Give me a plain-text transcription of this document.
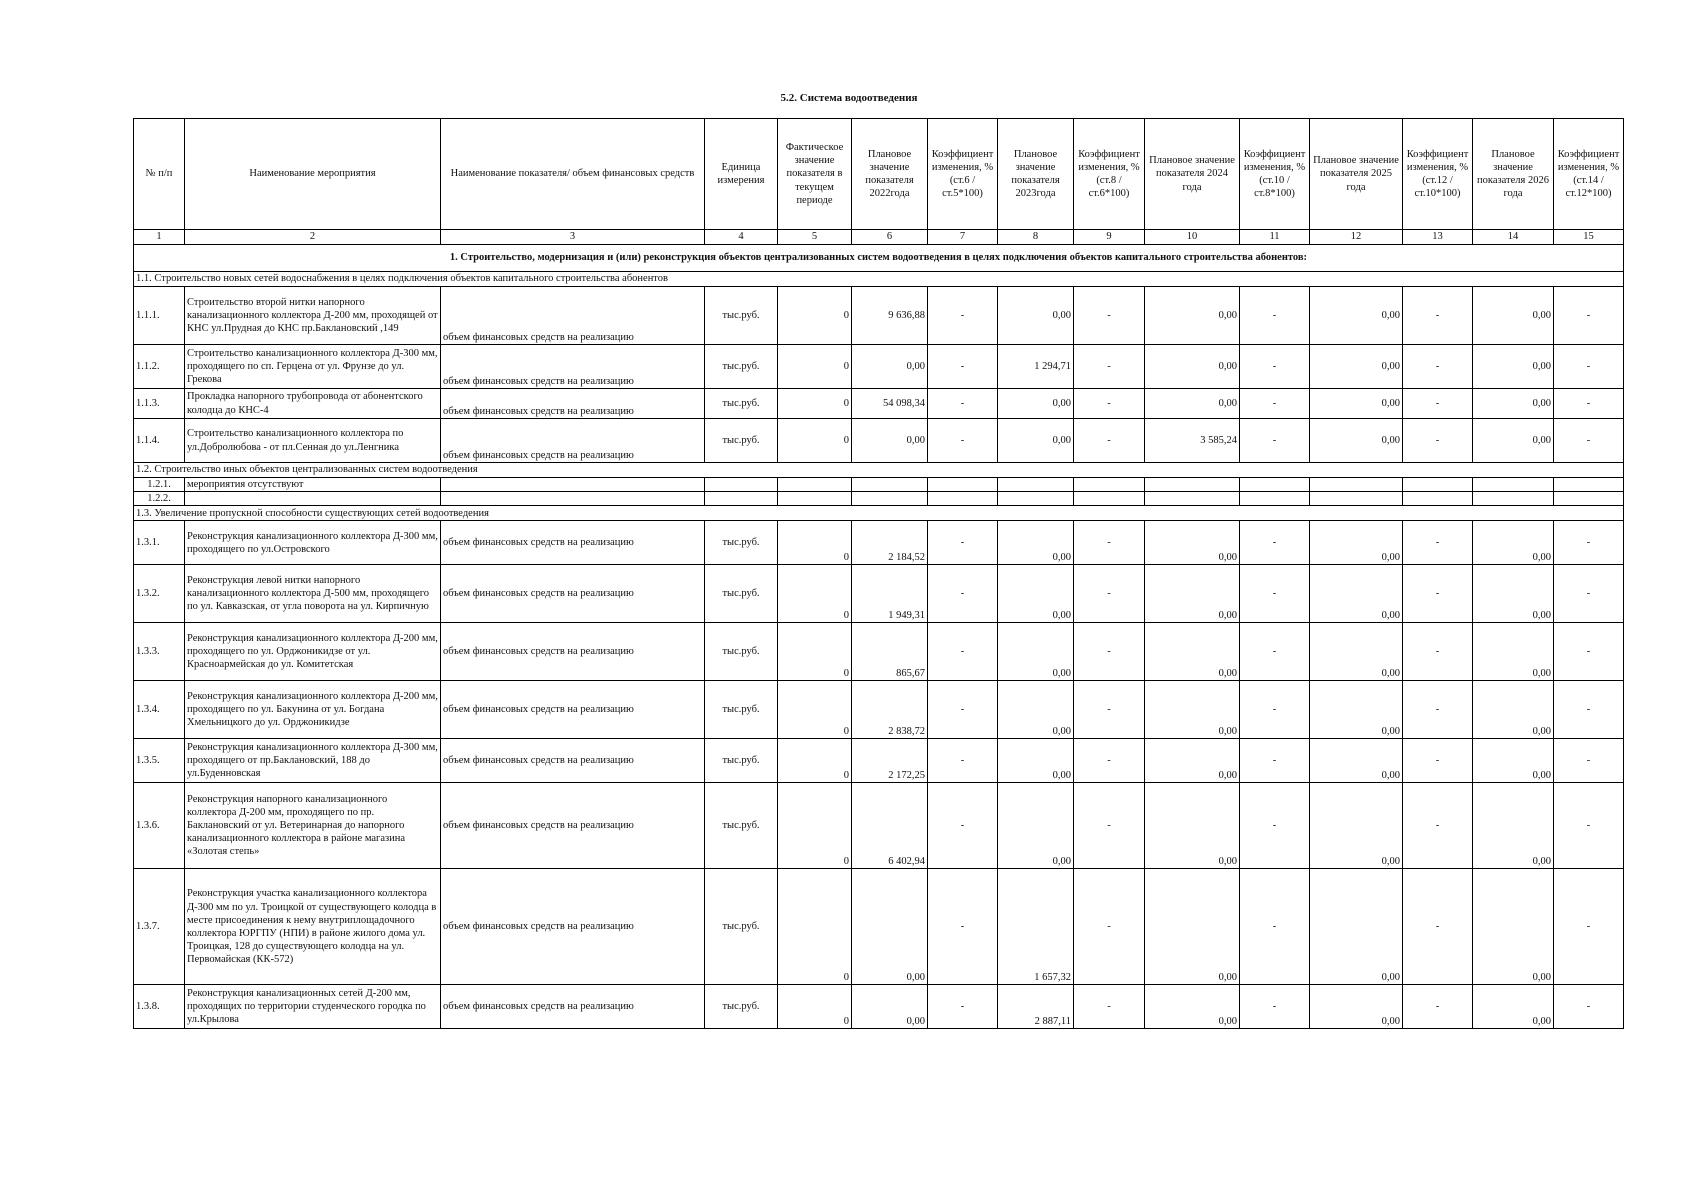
5.2. Система водоотведения
№ п/п	Наименование мероприятия	Наименование показателя/ объем финансовых средств	Единица измерения	Фактическое значение показателя в текущем периоде	Плановое значение показателя 2022года	Коэффициент изменения, % (ст.6 /ст.5*100)	Плановое значение показателя 2023года	Коэффициент изменения, % (ст.8 /ст.6*100)	Плановое значение показателя 2024 года	Коэффициент изменения, % (ст.10 /ст.8*100)	Плановое значение показателя 2025 года	Коэффициент изменения, % (ст.12 /ст.10*100)	Плановое значение показателя 2026 года	Коэффициент изменения, % (ст.14 /ст.12*100)
1	2	3	4	5	6	7	8	9	10	11	12	13	14	15
1. Строительство, модернизация и (или) реконструкция объектов централизованных систем водоотведения в целях подключения объектов капитального строительства абонентов:														
1.1. Строительство новых сетей водоснабжения в целях подключения объектов капитального строительства абонентов														
1.1.1.	Строительство второй нитки напорного канализационного коллектора Д-200 мм, проходящей от КНС ул.Прудная до КНС пр.Баклановский ,149	объем финансовых средств на реализацию	тыс.руб.	0	9 636,88	-	0,00	-	0,00	-	0,00	-	0,00	-
1.1.2.	Строительство канализационного коллектора Д-300 мм, проходящего по сп. Герцена от ул. Фрунзе до ул. Грекова	объем финансовых средств на реализацию	тыс.руб.	0	0,00	-	1 294,71	-	0,00	-	0,00	-	0,00	-
1.1.3.	Прокладка напорного трубопровода от абонентского колодца до КНС-4	объем финансовых средств на реализацию	тыс.руб.	0	54 098,34	-	0,00	-	0,00	-	0,00	-	0,00	-
1.1.4.	Строительство канализационного коллектора по ул.Добролюбова - от пл.Сенная до ул.Ленгника	объем финансовых средств на реализацию	тыс.руб.	0	0,00	-	0,00	-	3 585,24	-	0,00	-	0,00	-
1.2. Строительство иных объектов централизованных систем водоотведения														
1.2.1.	мероприятия отсутствуют													
1.2.2.														
1.3. Увеличение пропускной способности существующих сетей водоотведения														
1.3.1.	Реконструкция канализационного коллектора Д-300 мм, проходящего по ул.Островского	объем финансовых средств на реализацию	тыс.руб.	0	2 184,52	-	0,00	-	0,00	-	0,00	-	0,00	-
1.3.2.	Реконструкция левой нитки напорного канализационного коллектора Д-500 мм, проходящего по ул. Кавказская, от угла поворота на ул. Кирпичную	объем финансовых средств на реализацию	тыс.руб.	0	1 949,31	-	0,00	-	0,00	-	0,00	-	0,00	-
1.3.3.	Реконструкция канализационного коллектора Д-200 мм, проходящего по ул. Орджоникидзе от ул. Красноармейская до ул. Комитетская	объем финансовых средств на реализацию	тыс.руб.	0	865,67	-	0,00	-	0,00	-	0,00	-	0,00	-
1.3.4.	Реконструкция канализационного коллектора Д-200 мм, проходящего по ул. Бакунина от ул. Богдана Хмельницкого до ул. Орджоникидзе	объем финансовых средств на реализацию	тыс.руб.	0	2 838,72	-	0,00	-	0,00	-	0,00	-	0,00	-
1.3.5.	Реконструкция канализационного коллектора Д-300 мм, проходящего от пр.Баклановский, 188 до ул.Буденновская	объем финансовых средств на реализацию	тыс.руб.	0	2 172,25	-	0,00	-	0,00	-	0,00	-	0,00	-
1.3.6.	Реконструкция напорного канализационного коллектора Д-200 мм, проходящего по пр. Баклановский от ул. Ветеринарная до напорного канализационного коллектора в районе магазина «Золотая степь»	объем финансовых средств на реализацию	тыс.руб.	0	6 402,94	-	0,00	-	0,00	-	0,00	-	0,00	-
1.3.7.	Реконструкция участка канализационного коллектора Д-300 мм по ул. Троицкой от существующего колодца в месте присоединения к нему внутриплощадочного коллектора ЮРГПУ (НПИ) в районе жилого дома ул. Троицкая, 128 до существующего колодца на ул. Первомайская (КК-572)	объем финансовых средств на реализацию	тыс.руб.	0	0,00	-	1 657,32	-	0,00	-	0,00	-	0,00	-
1.3.8.	Реконструкция канализационных сетей Д-200 мм, проходящих по территории студенческого городка по ул.Крылова	объем финансовых средств на реализацию	тыс.руб.	0	0,00	-	2 887,11	-	0,00	-	0,00	-	0,00	-
